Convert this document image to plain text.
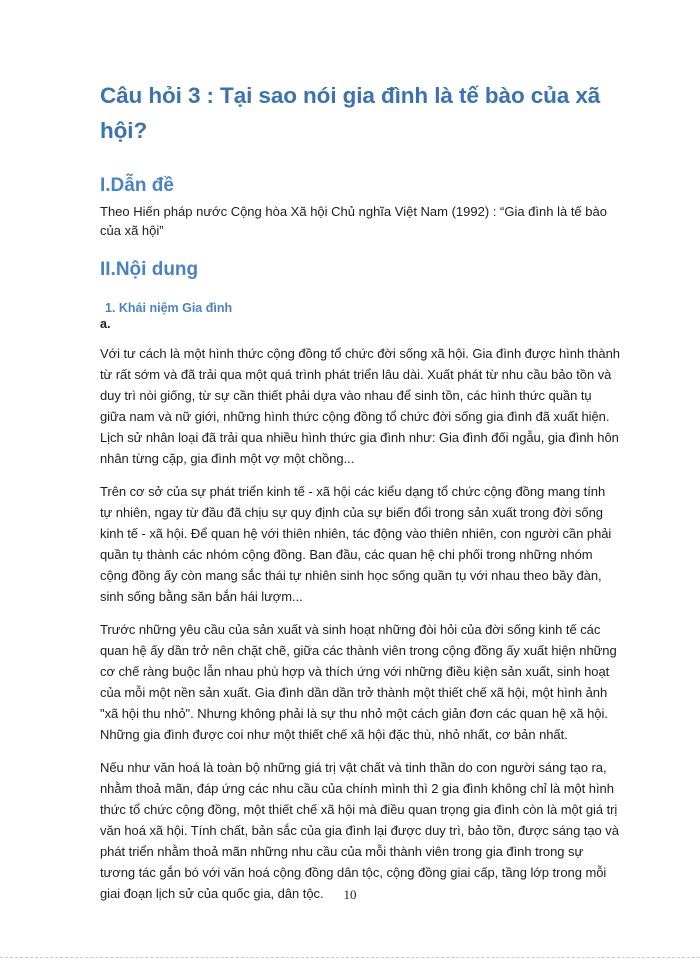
Câu hỏi 3 : Tại sao nói gia đình là tế bào của xã hội?
I.Dẫn đề

Theo Hiến pháp nước Cộng hòa Xã hội Chủ nghĩa Việt Nam (1992) : “Gia đình là tế bào của xã hội”

II.Nội dung
1. Khái niệm Gia đình

a.

Với tư cách là một hình thức cộng đồng tổ chức đời sống xã hội. Gia đình được hình thành từ rất sớm và đã trải qua một quá trình phát triển lâu dài. Xuất phát từ nhu cầu bảo tồn và duy trì nòi giống, từ sự cần thiết phải dựa vào nhau để sinh tồn, các hình thức quần tụ giữa nam và nữ giới, những hình thức cộng đồng tổ chức đời sống gia đình đã xuất hiện. Lịch sử nhân loại đã trải qua nhiều hình thức gia đình như: Gia đình đối ngẫu, gia đình hôn nhân từng cặp, gia đình một vợ một chồng...

Trên cơ sở của sự phát triển kinh tế - xã hội các kiểu dạng tổ chức cộng đồng mang tính tự nhiên, ngay từ đầu đã chịu sự quy định của sự biến đổi trong sản xuất trong đời sống kinh tế - xã hội. Để quan hệ với thiên nhiên, tác động vào thiên nhiên, con người cần phải quần tụ thành các nhóm cộng đồng. Ban đầu, các quan hệ chi phối trong những nhóm cộng đồng ấy còn mang sắc thái tự nhiên sinh học sống quần tụ với nhau theo bầy đàn, sinh sống bằng săn bắn hái lượm...

Trước những yêu cầu của sản xuất và sinh hoạt những đòi hỏi của đời sống kinh tế các quan hệ ấy dần trở nên chặt chẽ, giữa các thành viên trong cộng đồng ấy xuất hiện những cơ chế ràng buộc lẫn nhau phù hợp và thích ứng với những điều kiện sản xuất, sinh hoạt của mỗi một nền sản xuất. Gia đình dần dần trở thành một thiết chế xã hội, một hình ảnh "xã hội thu nhỏ". Nhưng không phải là sự thu nhỏ một cách giản đơn các quan hệ xã hội. Những gia đình được coi như một thiết chế xã hội đặc thù, nhỏ nhất, cơ bản nhất.

Nếu như văn hoá là toàn bộ những giá trị vật chất và tinh thần do con người sáng tạo ra, nhằm thoả mãn, đáp ứng các nhu cầu của chính mình thì 2 gia đình không chỉ là một hình thức tổ chức cộng đồng, một thiết chế xã hội mà điều quan trọng gia đình còn là một giá trị văn hoá xã hội. Tính chất, bản sắc của gia đình lại được duy trì, bảo tồn, được sáng tạo và phát triển nhằm thoả mãn những nhu cầu của mỗi thành viên trong gia đình trong sự tương tác gắn bó với văn hoá cộng đồng dân tộc, cộng đồng giai cấp, tầng lớp trong mỗi giai đoạn lịch sử của quốc gia, dân tộc.	10
